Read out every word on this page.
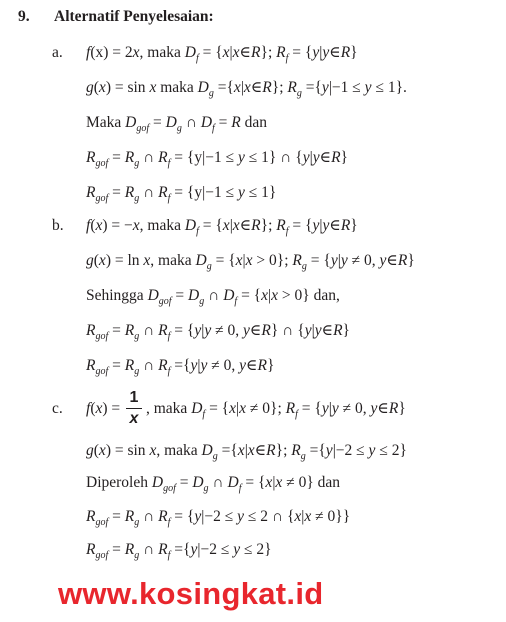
9. Alternatif Penyelesaian:
a. f(x) = 2x, maka $D_f$ = {x|x∈R}; $R_f$ = {y|y∈R}
g(x) = sin x maka $D_g$ ={x|x∈R}; $R_g =\{y|-1 \le y \le 1\}$.
Maka $D_{gof} = D_g$ ∩ $D_f = R$ dan
$R_{gof} = R_g$ ∩ $R_f = \{y|-1 \le y \le 1\}$ ∩ {y|y∈R}
$R_{gof} = R_g$ ∩ $R_f = \{y|-1 \le y \le 1\}$
b. f(x) = −x, maka $D_f$ = {x|x∈R}; $R_f$ = {y|y∈R}
g(x) = ln x, maka $D_g = \{x|x > 0\}$; $R_g = \{y|y \ne 0$, y∈R}
Sehingga $D_{gof} = D_g$ ∩ $D_f = \{x|x > 0\}$ dan,
$R_{gof} = R_g$ ∩ $R_f = \{y|y \ne 0$, y∈R} ∩ {y|y∈R}
$R_{gof} = R_g$ ∩ $R_f =\{y|y \ne 0$, y∈R}
c. f(x) =
1
x
, maka $D_f = \{x|x \ne 0\}$; $R_f = \{y|y \ne 0$, y∈R}
g(x) = sin x, maka $D_g$ ={x|x∈R}; $R_g =\{y|-2 \le y \le 2\}$
Diperoleh $D_{gof} = D_g$ ∩ $D_f = \{x|x \ne 0\}$ dan
$R_{gof} = R_g$ ∩ $R_f = \{y|-2 \le y \le 2$ ∩ {x|x ≠ 0}}
$R_{gof} = R_g$ ∩ $R_f =\{y|-2 \le y \le 2\}$
www.kosingkat.id
